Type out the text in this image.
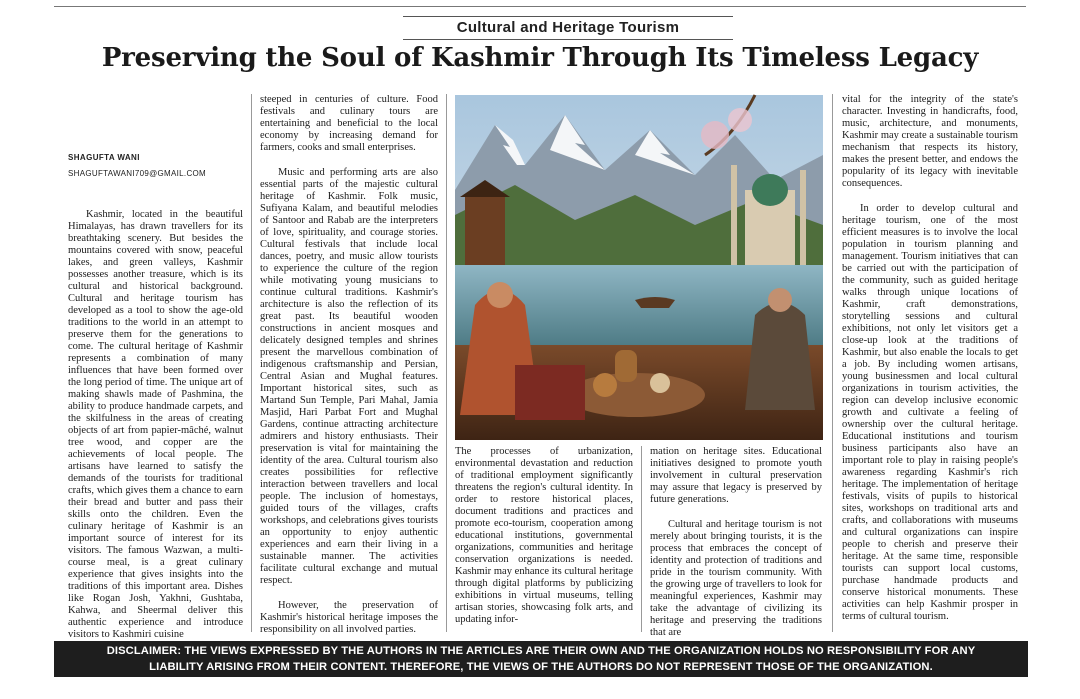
Cultural and Heritage Tourism
Preserving the Soul of Kashmir Through Its Timeless Legacy
SHAGUFTA WANI
SHAGUFTAWANI709@GMAIL.COM

Kashmir, located in the beautiful Himalayas, has drawn travellers for its breathtaking scenery. But besides the mountains covered with snow, peaceful lakes, and green valleys, Kashmir possesses another treasure, which is its cultural and historical background. Cultural and heritage tourism has developed as a tool to show the age-old traditions to the world in an attempt to preserve them for the generations to come. The cultural heritage of Kashmir represents a combination of many influences that have been formed over the long period of time. The unique art of making shawls made of Pashmina, the ability to produce handmade carpets, and the skilfulness in the areas of creating objects of art from papier-mâché, walnut tree wood, and copper are the achievements of local people. The artisans have learned to satisfy the demands of the tourists for traditional crafts, which gives them a chance to earn their bread and butter and pass their skills onto the children. Even the culinary heritage of Kashmir is an important source of interest for its visitors. The famous Wazwan, a multi-course meal, is a great culinary experience that gives insights into the traditions of this important area. Dishes like Rogan Josh, Yakhni, Gushtaba, Kahwa, and Sheermal deliver this authentic experience and introduce visitors to Kashmiri cuisine

steeped in centuries of culture. Food festivals and culinary tours are entertaining and beneficial to the local economy by increasing demand for farmers, cooks and small enterprises.

Music and performing arts are also essential parts of the majestic cultural heritage of Kashmir. Folk music, Sufiyana Kalam, and beautiful melodies of Santoor and Rabab are the interpreters of love, spirituality, and courage stories. Cultural festivals that include local dances, poetry, and music allow tourists to experience the culture of the region while motivating young musicians to continue cultural traditions. Kashmir's architecture is also the reflection of its great past. Its beautiful wooden constructions in ancient mosques and delicately designed temples and shrines present the marvellous combination of indigenous craftsmanship and Persian, Central Asian and Mughal features. Important historical sites, such as Martand Sun Temple, Pari Mahal, Jamia Masjid, Hari Parbat Fort and Mughal Gardens, continue attracting architecture admirers and history enthusiasts. Their preservation is vital for maintaining the identity of the area. Cultural tourism also creates possibilities for reflective interaction between travellers and local people. The inclusion of homestays, guided tours of the villages, crafts workshops, and celebrations gives tourists an opportunity to enjoy authentic experiences and earn their living in a sustainable manner. The activities facilitate cultural exchange and mutual respect.

However, the preservation of Kashmir's historical heritage imposes the responsibility on all involved parties.

The processes of urbanization, environmental devastation and reduction of traditional employment significantly threatens the region's cultural identity. In order to restore historical places, document traditions and practices and promote eco-tourism, cooperation among educational institutions, governmental organizations, communities and heritage conservation organizations is needed. Kashmir may enhance its cultural heritage through digital platforms by publicizing exhibitions in virtual museums, telling artisan stories, showcasing folk arts, and updating infor-

mation on heritage sites. Educational initiatives designed to promote youth involvement in cultural preservation may assure that legacy is preserved by future generations.

Cultural and heritage tourism is not merely about bringing tourists, it is the process that embraces the concept of identity and protection of traditions and pride in the tourism community. With the growing urge of travellers to look for meaningful experiences, Kashmir may take the advantage of civilizing its heritage and preserving the traditions that are

vital for the integrity of the state's character. Investing in handicrafts, food, music, architecture, and monuments, Kashmir may create a sustainable tourism mechanism that respects its history, makes the present better, and endows the popularity of its legacy with inevitable consequences.

In order to develop cultural and heritage tourism, one of the most efficient measures is to involve the local population in tourism planning and management. Tourism initiatives that can be carried out with the participation of the community, such as guided heritage walks through unique locations of Kashmir, craft demonstrations, storytelling sessions and cultural exhibitions, not only let visitors get a close-up look at the traditions of Kashmir, but also enable the locals to get a job. By including women artisans, young businessmen and local cultural organizations in tourism activities, the region can develop inclusive economic growth and cultivate a feeling of ownership over the cultural heritage. Educational institutions and tourism business participants also have an important role to play in raising people's awareness regarding Kashmir's rich heritage. The implementation of heritage festivals, visits of pupils to historical sites, workshops on traditional arts and crafts, and collaborations with museums and cultural organizations can inspire people to cherish and preserve their heritage. At the same time, responsible tourists can support local customs, purchase handmade products and conserve historical monuments. These activities can help Kashmir prosper in terms of cultural tourism.

DISCLAIMER: THE VIEWS EXPRESSED BY THE AUTHORS IN THE ARTICLES ARE THEIR OWN AND THE ORGANIZATION HOLDS NO RESPONSIBILITY FOR ANY
LIABILITY ARISING FROM THEIR CONTENT. THEREFORE, THE VIEWS OF THE AUTHORS DO NOT REPRESENT THOSE OF THE ORGANIZATION.
